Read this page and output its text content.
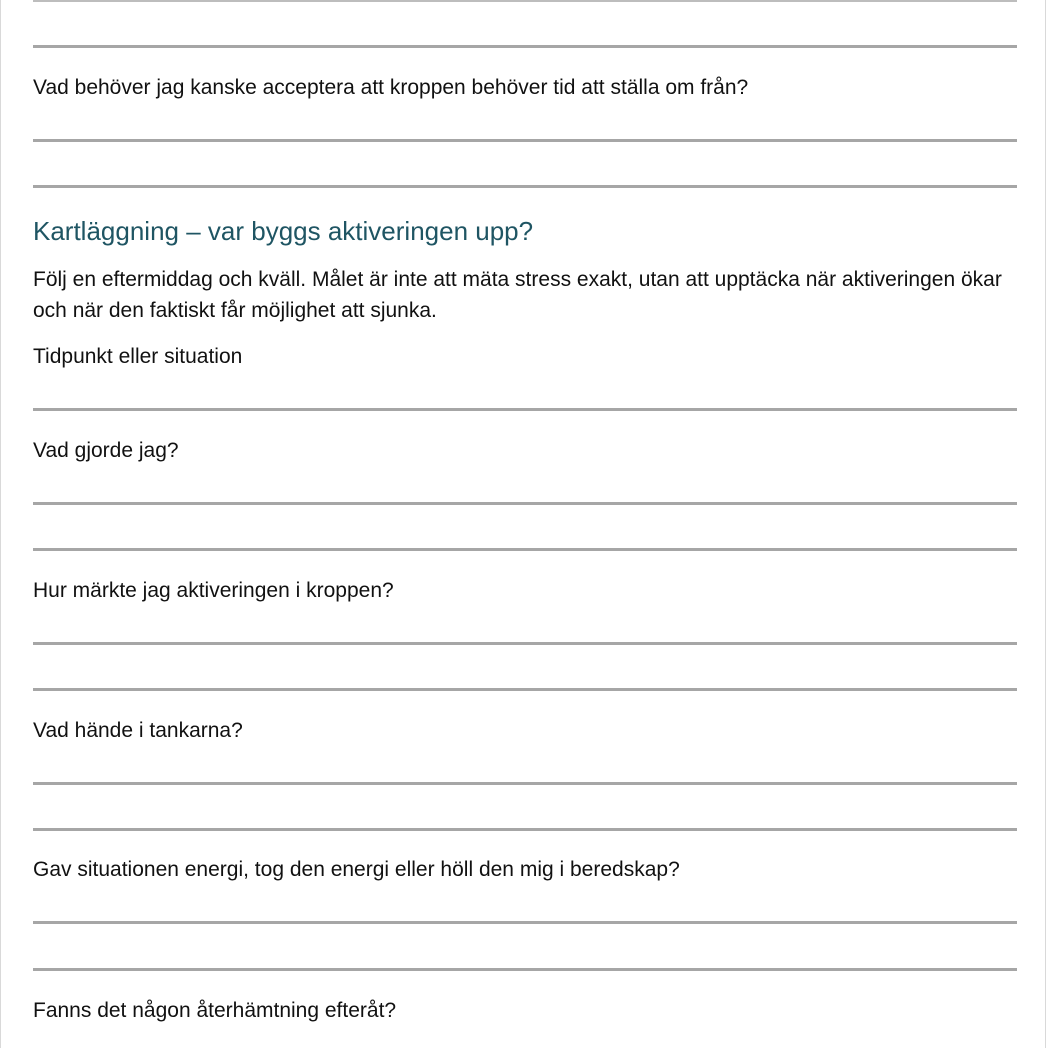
Vad behöver jag kanske acceptera att kroppen behöver tid att ställa om från?
Kartläggning – var byggs aktiveringen upp?
Följ en eftermiddag och kväll. Målet är inte att mäta stress exakt, utan att upptäcka när aktiveringen ökar och när den faktiskt får möjlighet att sjunka.
Tidpunkt eller situation
Vad gjorde jag?
Hur märkte jag aktiveringen i kroppen?
Vad hände i tankarna?
Gav situationen energi, tog den energi eller höll den mig i beredskap?
Fanns det någon återhämtning efteråt?
